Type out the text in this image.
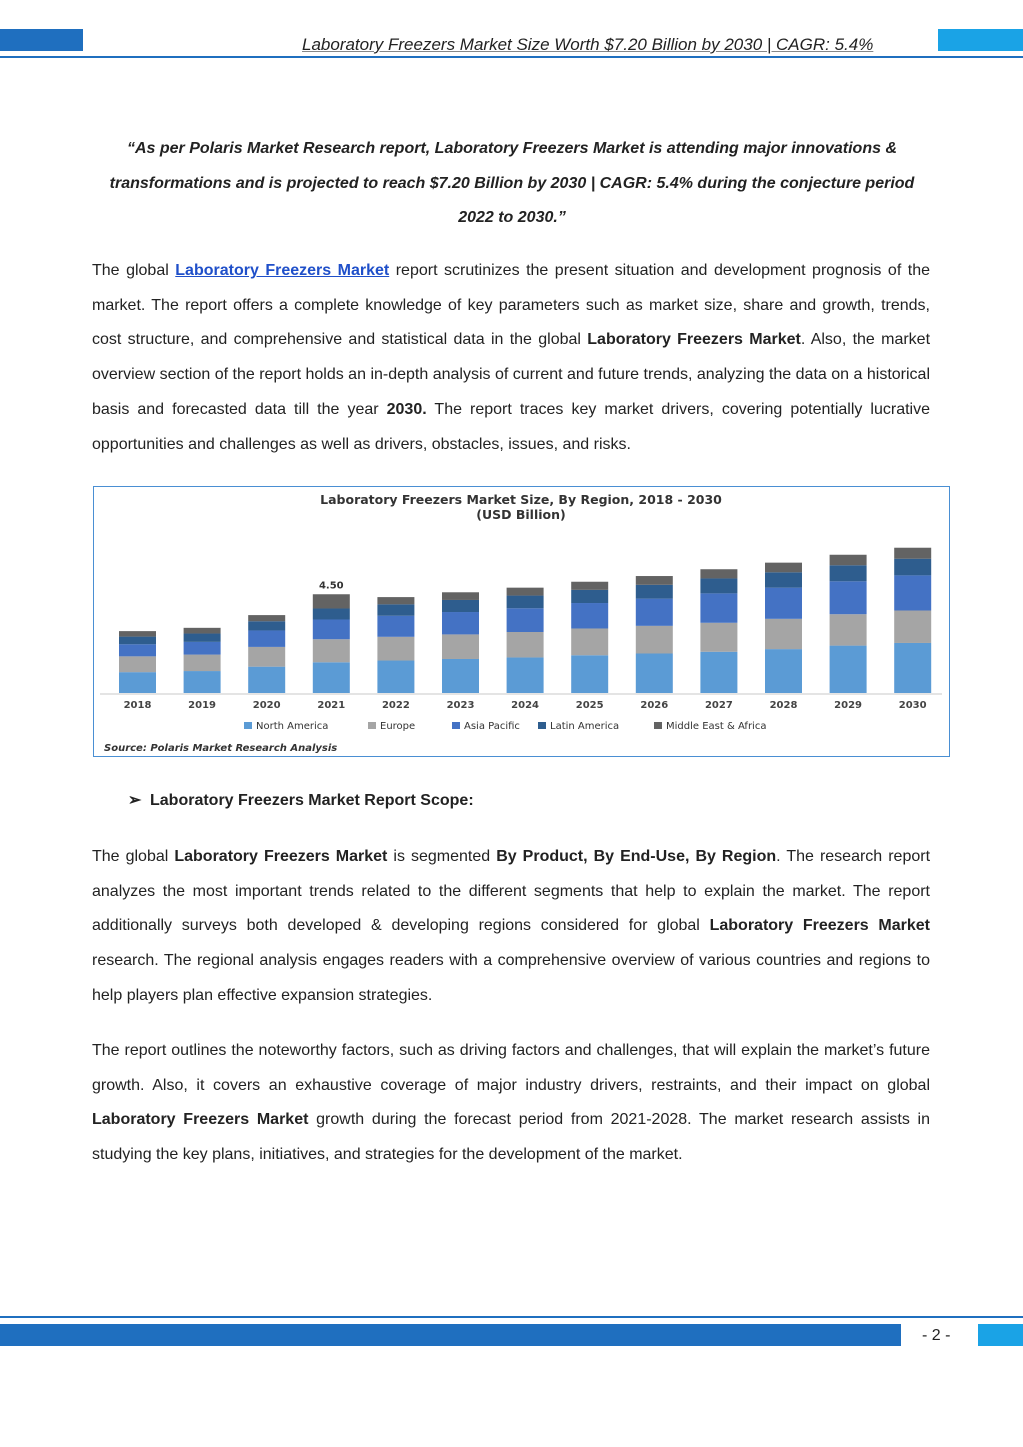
Laboratory Freezers Market Size Worth $7.20 Billion by 2030 | CAGR: 5.4%
“As per Polaris Market Research report, Laboratory Freezers Market is attending major innovations &
transformations and is projected to reach $7.20 Billion by 2030 | CAGR: 5.4% during the conjecture period
2022 to 2030.”
The global Laboratory Freezers Market report scrutinizes the present situation and development prognosis of the market. The report offers a complete knowledge of key parameters such as market size, share and growth, trends, cost structure, and comprehensive and statistical data in the global Laboratory Freezers Market. Also, the market overview section of the report holds an in-depth analysis of current and future trends, analyzing the data on a historical basis and forecasted data till the year 2030. The report traces key market drivers, covering potentially lucrative opportunities and challenges as well as drivers, obstacles, issues, and risks.
Laboratory Freezers Market Size, By Region, 2018 - 2030
(USD Billion)
4.50
2018	2019	2020	2021	2022	2023	2024	2025	2026	2027	2028	2029	2030
North America	Europe	Asia Pacific	Latin America	Middle East & Africa
Source: Polaris Market Research Analysis
➢ Laboratory Freezers Market Report Scope:
The global Laboratory Freezers Market is segmented By Product, By End-Use, By Region. The research report analyzes the most important trends related to the different segments that help to explain the market. The report additionally surveys both developed & developing regions considered for global Laboratory Freezers Market research. The regional analysis engages readers with a comprehensive overview of various countries and regions to help players plan effective expansion strategies.
The report outlines the noteworthy factors, such as driving factors and challenges, that will explain the market’s future growth. Also, it covers an exhaustive coverage of major industry drivers, restraints, and their impact on global Laboratory Freezers Market growth during the forecast period from 2021-2028. The market research assists in studying the key plans, initiatives, and strategies for the development of the market.
- 2 -
